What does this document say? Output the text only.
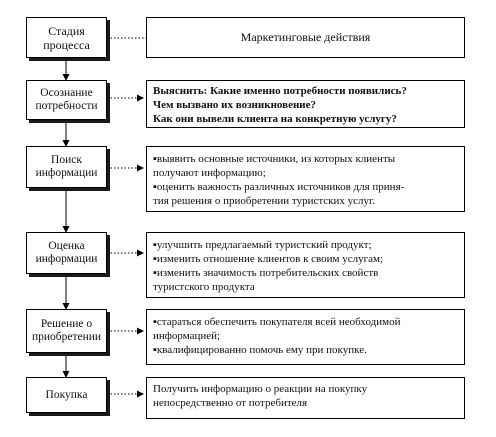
Стадия
процесса
Маркетинговые действия
Осознание
потребности
Выяснить: Какие именно потребности появились?
Чем вызвано их возникновение?
Как они вывели клиента на конкретную услугу?
Поиск
информации
▪выявить основные источники, из которых клиенты
получают информацию;
▪оценить важность различных источников для приня-
тия решения о приобретении туристских услуг.
Оценка
информации
▪улучшить предлагаемый туристский продукт;
▪изменить отношение клиентов к своим услугам;
▪изменить значимость потребительских свойств
туристского продукта
Решение о
приобретении
▪стараться обеспечить покупателя всей необходимой
информацией;
▪квалифицированно помочь ему при покупке.
Покупка	Получить информацию о реакции на покупку
непосредственно от потребителя
